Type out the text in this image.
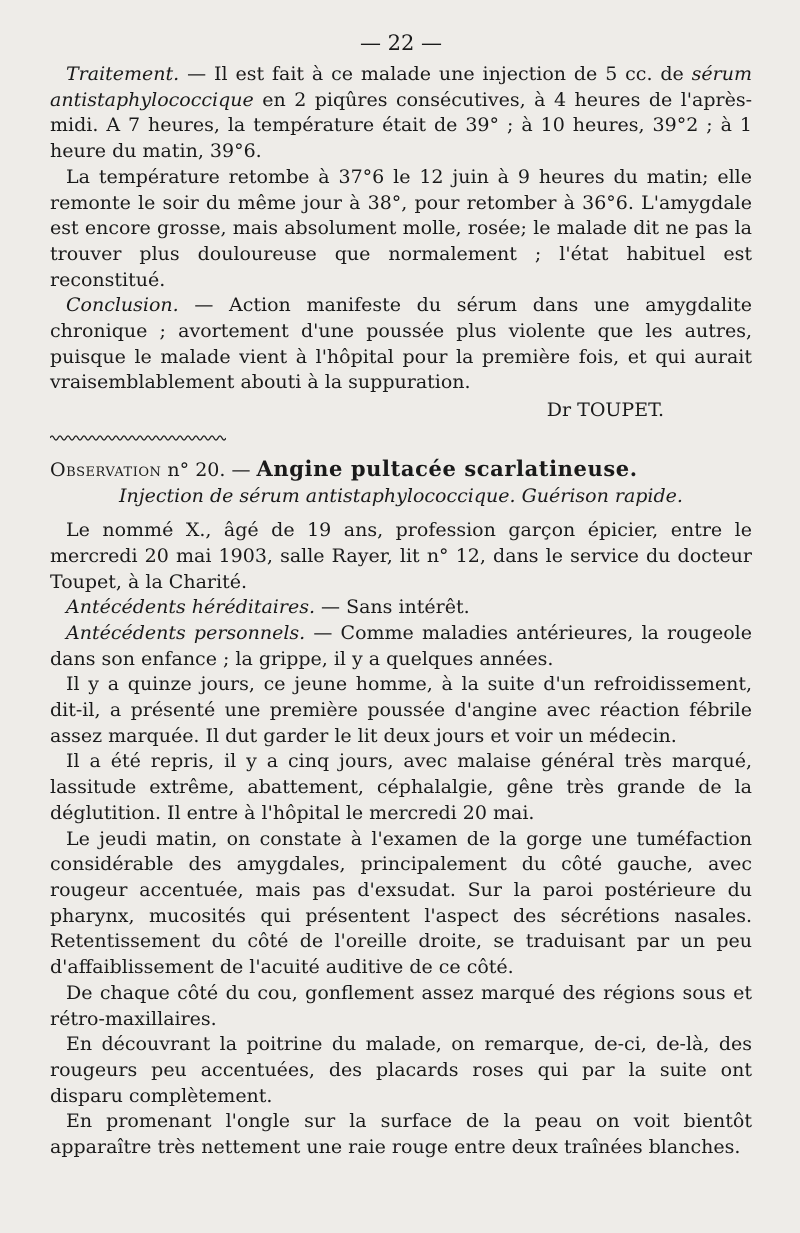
— 22 —

Traitement. — Il est fait à ce malade une injection de 5 cc. de sérum antistaphylococcique en 2 piqûres consécutives, à 4 heures de l'après-midi. A 7 heures, la température était de 39° ; à 10 heures, 39°2 ; à 1 heure du matin, 39°6.

La température retombe à 37°6 le 12 juin à 9 heures du matin; elle remonte le soir du même jour à 38°, pour retomber à 36°6. L'amygdale est encore grosse, mais absolument molle, rosée; le malade dit ne pas la trouver plus douloureuse que normalement ; l'état habituel est reconstitué.

Conclusion. — Action manifeste du sérum dans une amygdalite chronique ; avortement d'une poussée plus violente que les autres, puisque le malade vient à l'hôpital pour la première fois, et qui aurait vraisemblablement abouti à la suppuration.

Dr TOUPET.
Observation n° 20. — Angine pultacée scarlatineuse.
Injection de sérum antistaphylococcique. Guérison rapide.

Le nommé X., âgé de 19 ans, profession garçon épicier, entre le mercredi 20 mai 1903, salle Rayer, lit n° 12, dans le service du docteur Toupet, à la Charité.

Antécédents héréditaires. — Sans intérêt.

Antécédents personnels. — Comme maladies antérieures, la rougeole dans son enfance ; la grippe, il y a quelques années.

Il y a quinze jours, ce jeune homme, à la suite d'un refroidissement, dit-il, a présenté une première poussée d'angine avec réaction fébrile assez marquée. Il dut garder le lit deux jours et voir un médecin.

Il a été repris, il y a cinq jours, avec malaise général très marqué, lassitude extrême, abattement, céphalalgie, gêne très grande de la déglutition. Il entre à l'hôpital le mercredi 20 mai.

Le jeudi matin, on constate à l'examen de la gorge une tuméfaction considérable des amygdales, principalement du côté gauche, avec rougeur accentuée, mais pas d'exsudat. Sur la paroi postérieure du pharynx, mucosités qui présentent l'aspect des sécrétions nasales. Retentissement du côté de l'oreille droite, se traduisant par un peu d'affaiblissement de l'acuité auditive de ce côté.

De chaque côté du cou, gonflement assez marqué des régions sous et rétro-maxillaires.

En découvrant la poitrine du malade, on remarque, de-ci, de-là, des rougeurs peu accentuées, des placards roses qui par la suite ont disparu complètement.

En promenant l'ongle sur la surface de la peau on voit bientôt apparaître très nettement une raie rouge entre deux traînées blanches.
